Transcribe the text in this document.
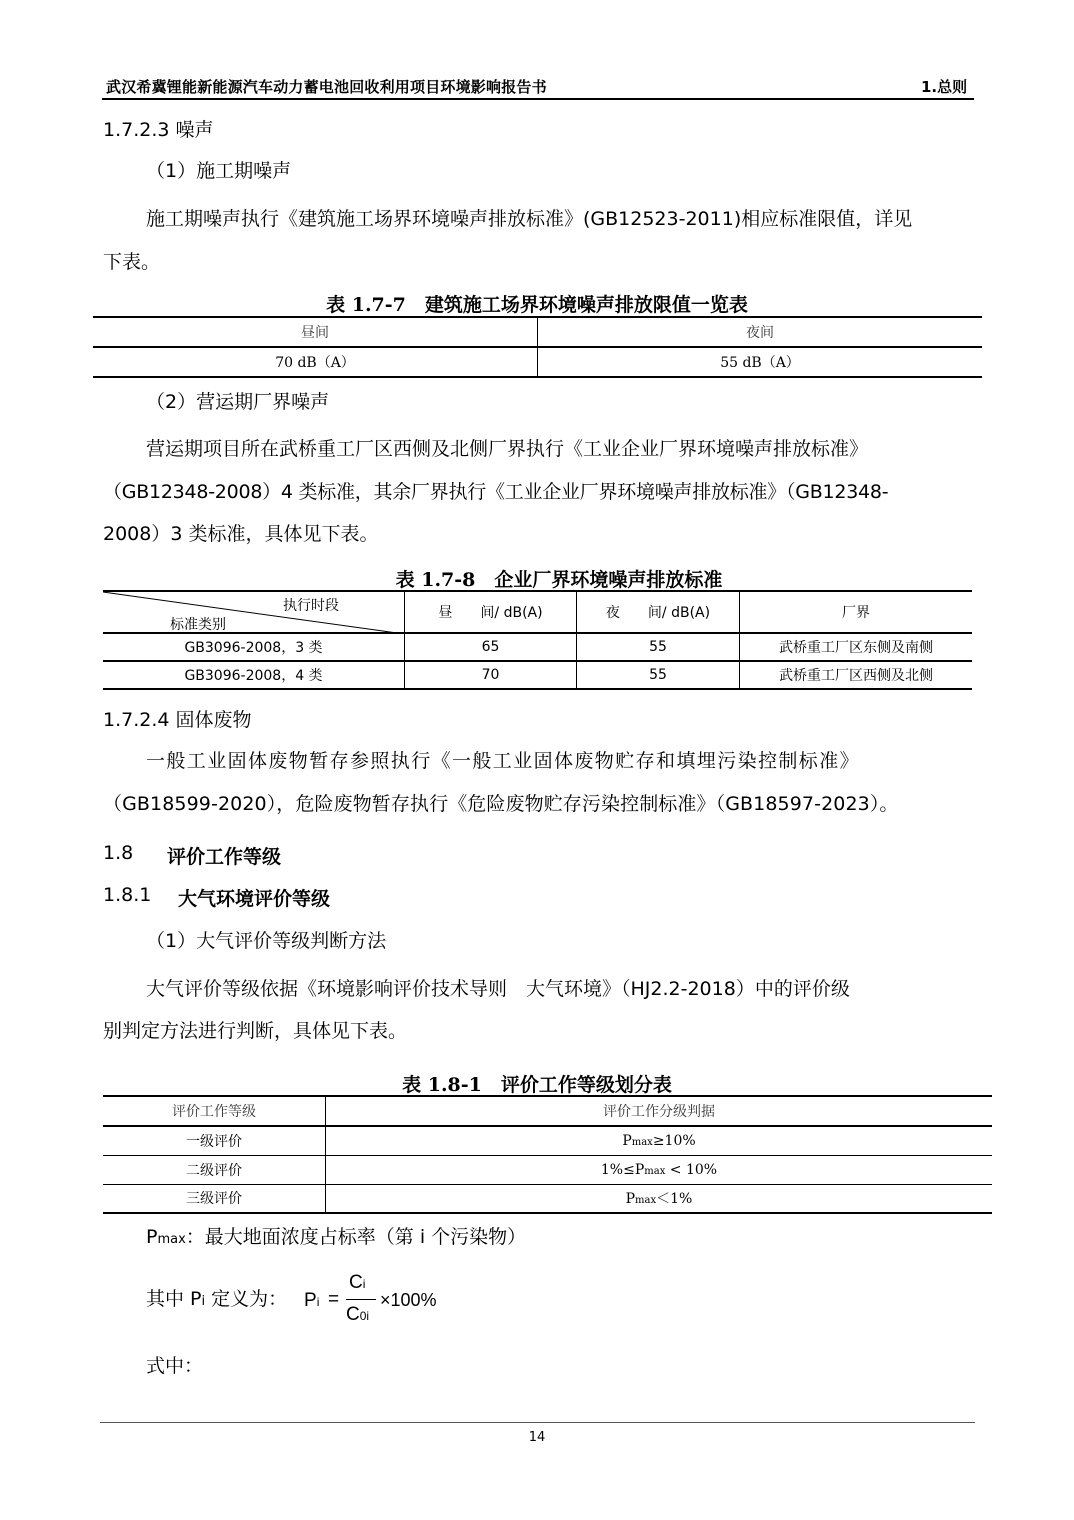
武汉希冀锂能新能源汽车动力蓄电池回收利用项目环境影响报告书	1.总则
1.7.2.3 噪声
（1）施工期噪声
施工期噪声执行《建筑施工场界环境噪声排放标准》(GB12523-2011)相应标准限值，详见
下表。
表 1.7-7　建筑施工场界环境噪声排放限值一览表
昼间	夜间
70 dB（A）	55 dB（A）
（2）营运期厂界噪声
营运期项目所在武桥重工厂区西侧及北侧厂界执行《工业企业厂界环境噪声排放标准》
（GB12348-2008）4 类标准，其余厂界执行《工业企业厂界环境噪声排放标准》（GB12348-
2008）3 类标准，具体见下表。
表 1.7-8　企业厂界环境噪声排放标准
执行时段
标准类别	昼　　间/ dB(A)	夜　　间/ dB(A)	厂界
GB3096-2008，3 类	65	55	武桥重工厂区东侧及南侧
GB3096-2008，4 类	70	55	武桥重工厂区西侧及北侧
1.7.2.4 固体废物
一般工业固体废物暂存参照执行《一般工业固体废物贮存和填埋污染控制标准》
（GB18599-2020），危险废物暂存执行《危险废物贮存污染控制标准》（GB18597-2023）。
1.8 评价工作等级
1.8.1 大气环境评价等级
（1）大气评价等级判断方法
大气评价等级依据《环境影响评价技术导则　大气环境》（HJ2.2-2018）中的评价级
别判定方法进行判断，具体见下表。
表 1.8-1　评价工作等级划分表
评价工作等级	评价工作分级判据
一级评价	Pmax≥10%
二级评价	1%≤Pmax < 10%
三级评价	Pmax＜1%
Pmax：最大地面浓度占标率（第 i 个污染物）
其中 Pi 定义为： Pi =
Ci
C0i
×100%
式中：
14
